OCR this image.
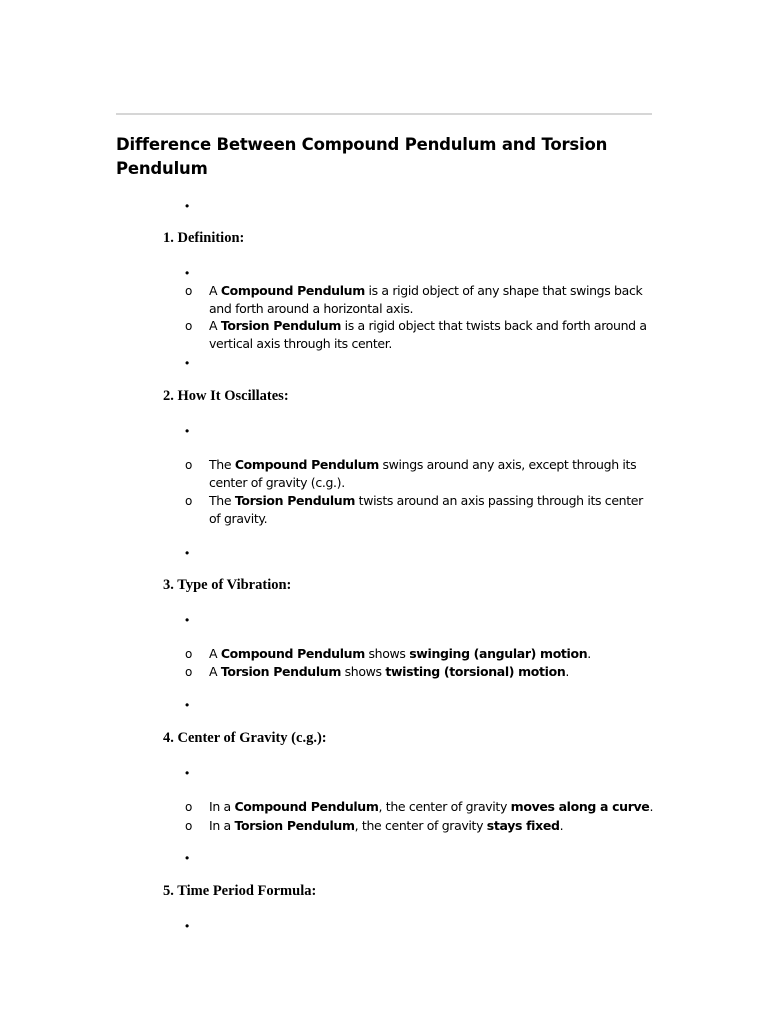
Difference Between Compound Pendulum and Torsion Pendulum
•
1. Definition:
•
o A Compound Pendulum is a rigid object of any shape that swings back and forth around a horizontal axis.
o A Torsion Pendulum is a rigid object that twists back and forth around a vertical axis through its center.
•
2. How It Oscillates:
•
o The Compound Pendulum swings around any axis, except through its center of gravity (c.g.).
o The Torsion Pendulum twists around an axis passing through its center of gravity.
•
3. Type of Vibration:
•
o A Compound Pendulum shows swinging (angular) motion.
o A Torsion Pendulum shows twisting (torsional) motion.
•
4. Center of Gravity (c.g.):
•
o In a Compound Pendulum, the center of gravity moves along a curve.
o In a Torsion Pendulum, the center of gravity stays fixed.
•
5. Time Period Formula:
•
